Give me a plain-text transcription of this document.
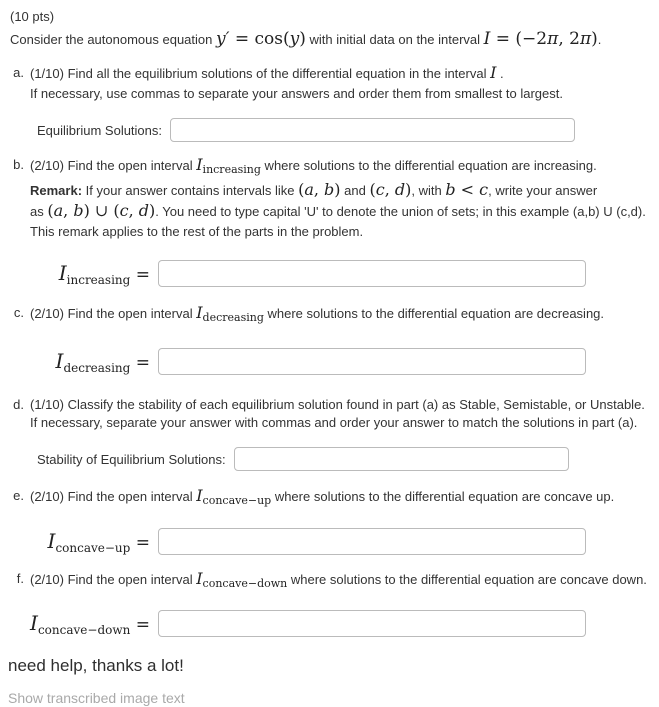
(10 pts)
Consider the autonomous equation y′ = cos(y) with initial data on the interval I = (−2π, 2π).
a. (1/10) Find all the equilibrium solutions of the differential equation in the interval I .
If necessary, use commas to separate your answers and order them from smallest to largest.
Equilibrium Solutions:
b. (2/10) Find the open interval $I_{increasing}$ where solutions to the differential equation are increasing.
Remark: If your answer contains intervals like (a, b) and (c, d), with b < c, write your answer
as (a, b) ∪ (c, d). You need to type capital 'U' to denote the union of sets; in this example (a,b) U (c,d).
This remark applies to the rest of the parts in the problem.
Iincreasing =
c. (2/10) Find the open interval $I_{decreasing}$ where solutions to the differential equation are decreasing.
Idecreasing =
d. (1/10) Classify the stability of each equilibrium solution found in part (a) as Stable, Semistable, or Unstable.
If necessary, separate your answer with commas and order your answer to match the solutions in part (a).
Stability of Equilibrium Solutions:
e. (2/10) Find the open interval $I_{concave-up}$ where solutions to the differential equation are concave up.
Iconcave−up =
f. (2/10) Find the open interval $I_{concave-down}$ where solutions to the differential equation are concave down.
Iconcave−down =
need help, thanks a lot!
Show transcribed image text
